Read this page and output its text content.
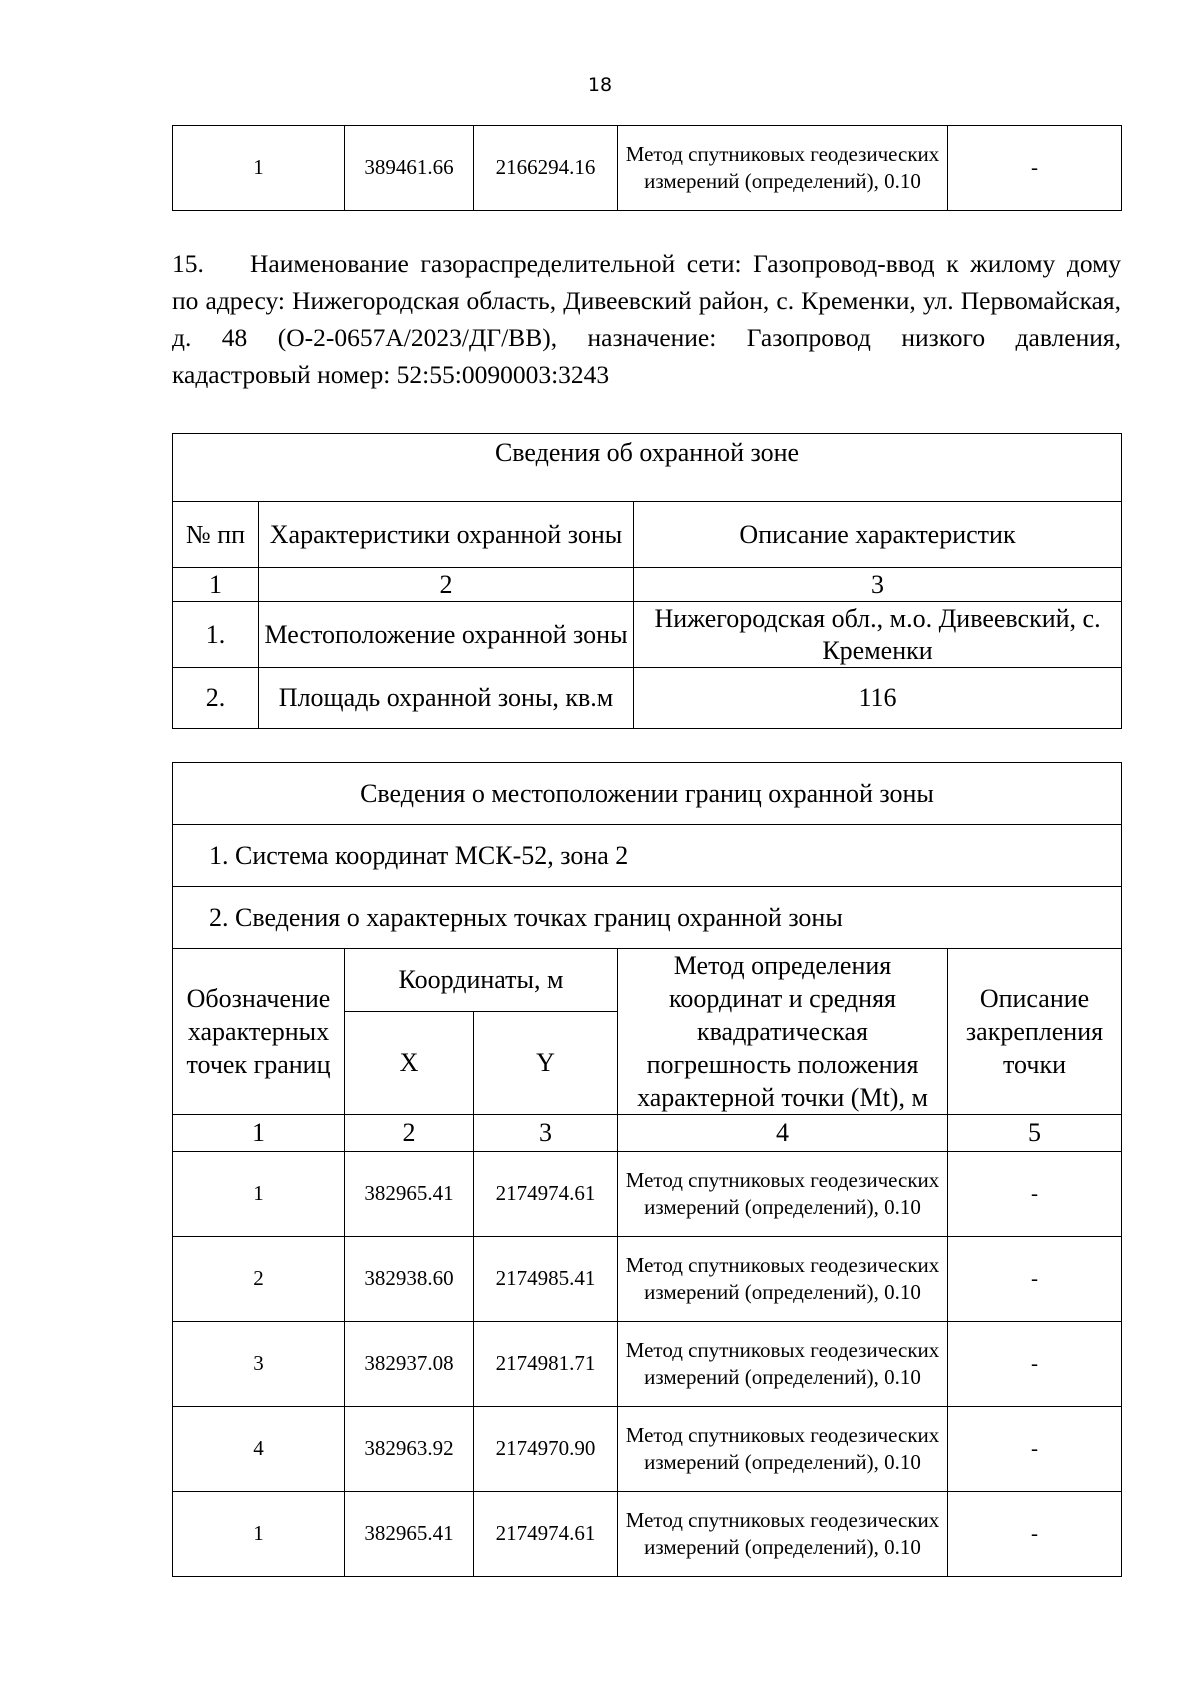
18
1	389461.66	2166294.16	Метод спутниковых геодезических измерений (определений), 0.10	-
15. Наименование газораспределительной сети: Газопровод-ввод к жилому дому по адресу: Нижегородская область, Дивеевский район, с. Кременки, ул. Первомайская, д. 48 (О-2-0657А/2023/ДГ/ВВ), назначение: Газопровод низкого давления, кадастровый номер: 52:55:0090003:3243
Сведения об охранной зоне		
№ пп	Характеристики охранной зоны	Описание характеристик
1	2	3
1.	Местоположение охранной зоны	Нижегородская обл., м.о. Дивеевский, с. Кременки
2.	Площадь охранной зоны, кв.м	116
Сведения о местоположении границ охранной зоны				
1. Система координат МСК-52, зона 2				
2. Сведения о характерных точках границ охранной зоны				
Обозначение характерных точек границ	Координаты, м		Метод определения координат и средняя квадратическая погрешность положения характерной точки (Mt), м	Описание закрепления точки
	X	Y		
1	2	3	4	5
1	382965.41	2174974.61	Метод спутниковых геодезических измерений (определений), 0.10	-
2	382938.60	2174985.41	Метод спутниковых геодезических измерений (определений), 0.10	-
3	382937.08	2174981.71	Метод спутниковых геодезических измерений (определений), 0.10	-
4	382963.92	2174970.90	Метод спутниковых геодезических измерений (определений), 0.10	-
1	382965.41	2174974.61	Метод спутниковых геодезических измерений (определений), 0.10	-
